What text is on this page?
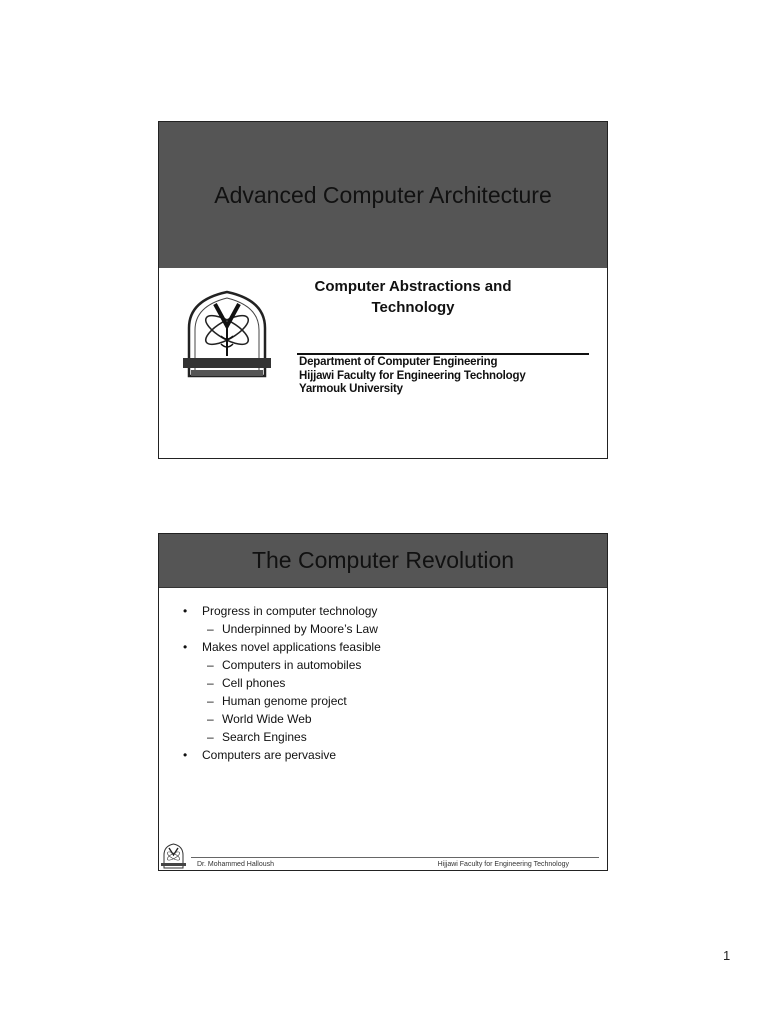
Advanced Computer Architecture
Computer Abstractions and
Technology
Department of Computer Engineering
Hijjawi Faculty for Engineering Technology
Yarmouk University
The Computer Revolution
•	Progress in computer technology
– Underpinned by Moore’s Law
•	Makes novel applications feasible
– Computers in automobiles
– Cell phones
– Human genome project
– World Wide Web
– Search Engines
•	Computers are pervasive
Dr. Mohammed Halloush	Hijjawi Faculty for Engineering Technology
1
